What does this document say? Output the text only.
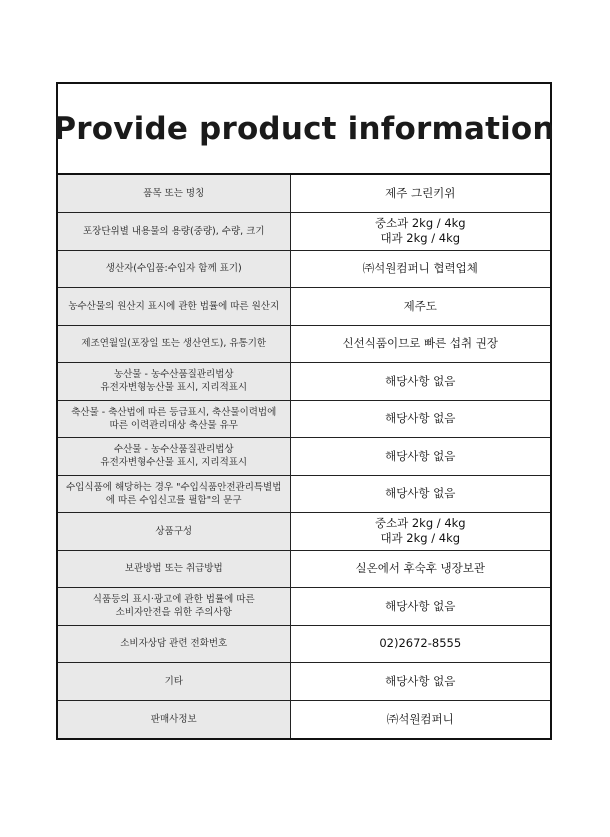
Provide product information
품목 또는 명칭	제주 그린키위

포장단위별 내용물의 용량(중량), 수량, 크기	중소과 2kg / 4kg
대과 2kg / 4kg

생산자(수입품:수입자 함께 표기)	㈜석원컴퍼니 협력업체

농수산물의 원산지 표시에 관한 법률에 따른 원산지	제주도

제조연월일(포장일 또는 생산연도), 유통기한	신선식품이므로 빠른 섭취 권장

농산물 - 농수산품질관리법상
유전자변형농산물 표시, 지리적표시	해당사항 없음

축산물 - 축산법에 따른 등급표시, 축산물이력법에
따른 이력관리대상 축산물 유무	해당사항 없음

수산물 - 농수산품질관리법상
유전자변형수산물 표시, 지리적표시	해당사항 없음

수입식품에 해당하는 경우 "수입식품안전관리특별법
에 따른 수입신고를 필함"의 문구	해당사항 없음

상품구성	중소과 2kg / 4kg
대과 2kg / 4kg

보관방법 또는 취급방법	실온에서 후숙후 냉장보관

식품등의 표시·광고에 관한 법률에 따른
소비자안전을 위한 주의사항	해당사항 없음

소비자상담 관련 전화번호	02)2672-8555

기타	해당사항 없음

판매사정보	㈜석원컴퍼니
